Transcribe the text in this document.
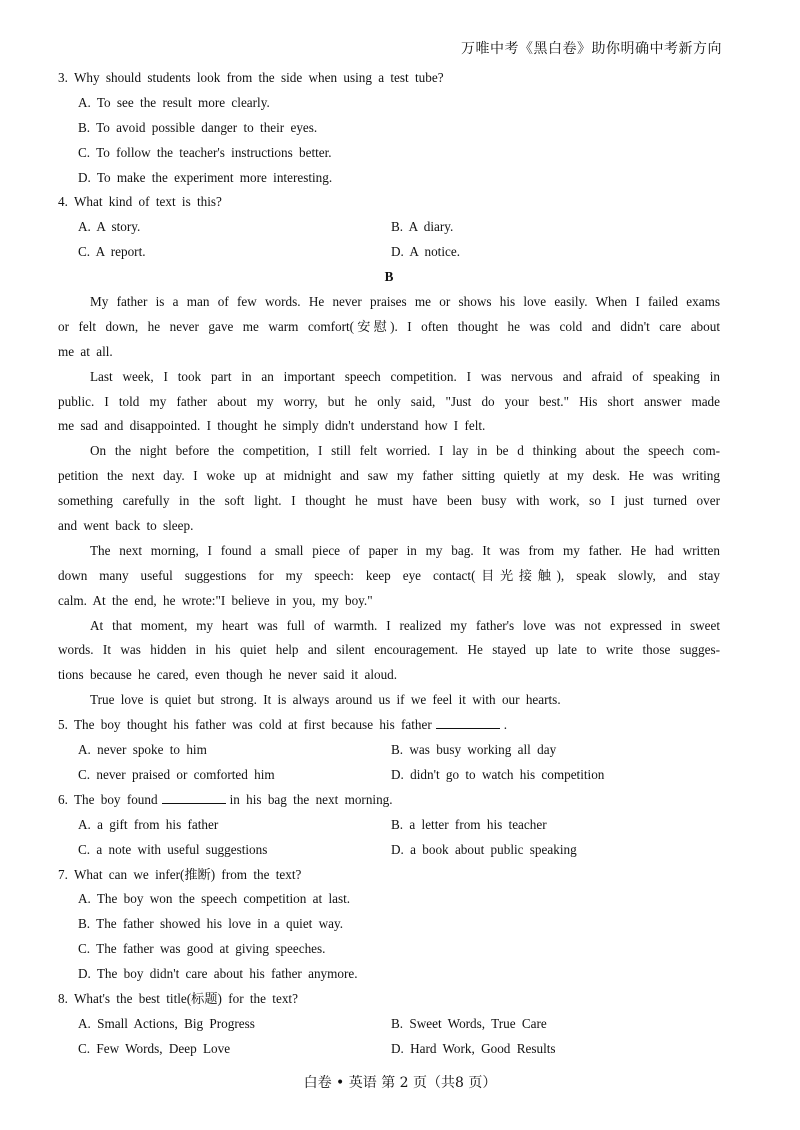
万唯中考《黑白卷》助你明确中考新方向
3. Why should students look from the side when using a test tube?
A. To see the result more clearly.
B. To avoid possible danger to their eyes.
C. To follow the teacher's instructions better.
D. To make the experiment more interesting.
4. What kind of text is this?
A. A story.	B. A diary.
C. A report.	D. A notice.
B
My father is a man of few words. He never praises me or shows his love easily. When I failed exams
or felt down, he never gave me warm comfort(安慰). I often thought he was cold and didn't care about
me at all.
Last week, I took part in an important speech competition. I was nervous and afraid of speaking in
public. I told my father about my worry, but he only said, "Just do your best." His short answer made
me sad and disappointed. I thought he simply didn't understand how I felt.
On the night before the competition, I still felt worried. I lay in be d thinking about the speech com-
petition the next day. I woke up at midnight and saw my father sitting quietly at my desk. He was writing
something carefully in the soft light. I thought he must have been busy with work, so I just turned over
and went back to sleep.
The next morning, I found a small piece of paper in my bag. It was from my father. He had written
down many useful suggestions for my speech: keep eye contact(目光接触), speak slowly, and stay
calm. At the end, he wrote:"I believe in you, my boy."
At that moment, my heart was full of warmth. I realized my father's love was not expressed in sweet
words. It was hidden in his quiet help and silent encouragement. He stayed up late to write those sugges-
tions because he cared, even though he never said it aloud.
True love is quiet but strong. It is always around us if we feel it with our hearts.
5. The boy thought his father was cold at first because his father	.
A. never spoke to him	B. was busy working all day
C. never praised or comforted him	D. didn't go to watch his competition
6. The boy found	in his bag the next morning.
A. a gift from his father	B. a letter from his teacher
C. a note with useful suggestions	D. a book about public speaking
7. What can we infer(推断) from the text?
A. The boy won the speech competition at last.
B. The father showed his love in a quiet way.
C. The father was good at giving speeches.
D. The boy didn't care about his father anymore.
8. What's the best title(标题) for the text?
A. Small Actions, Big Progress	B. Sweet Words, True Care
C. Few Words, Deep Love	D. Hard Work, Good Results
白卷 • 英语 第 2 页（共8 页）
